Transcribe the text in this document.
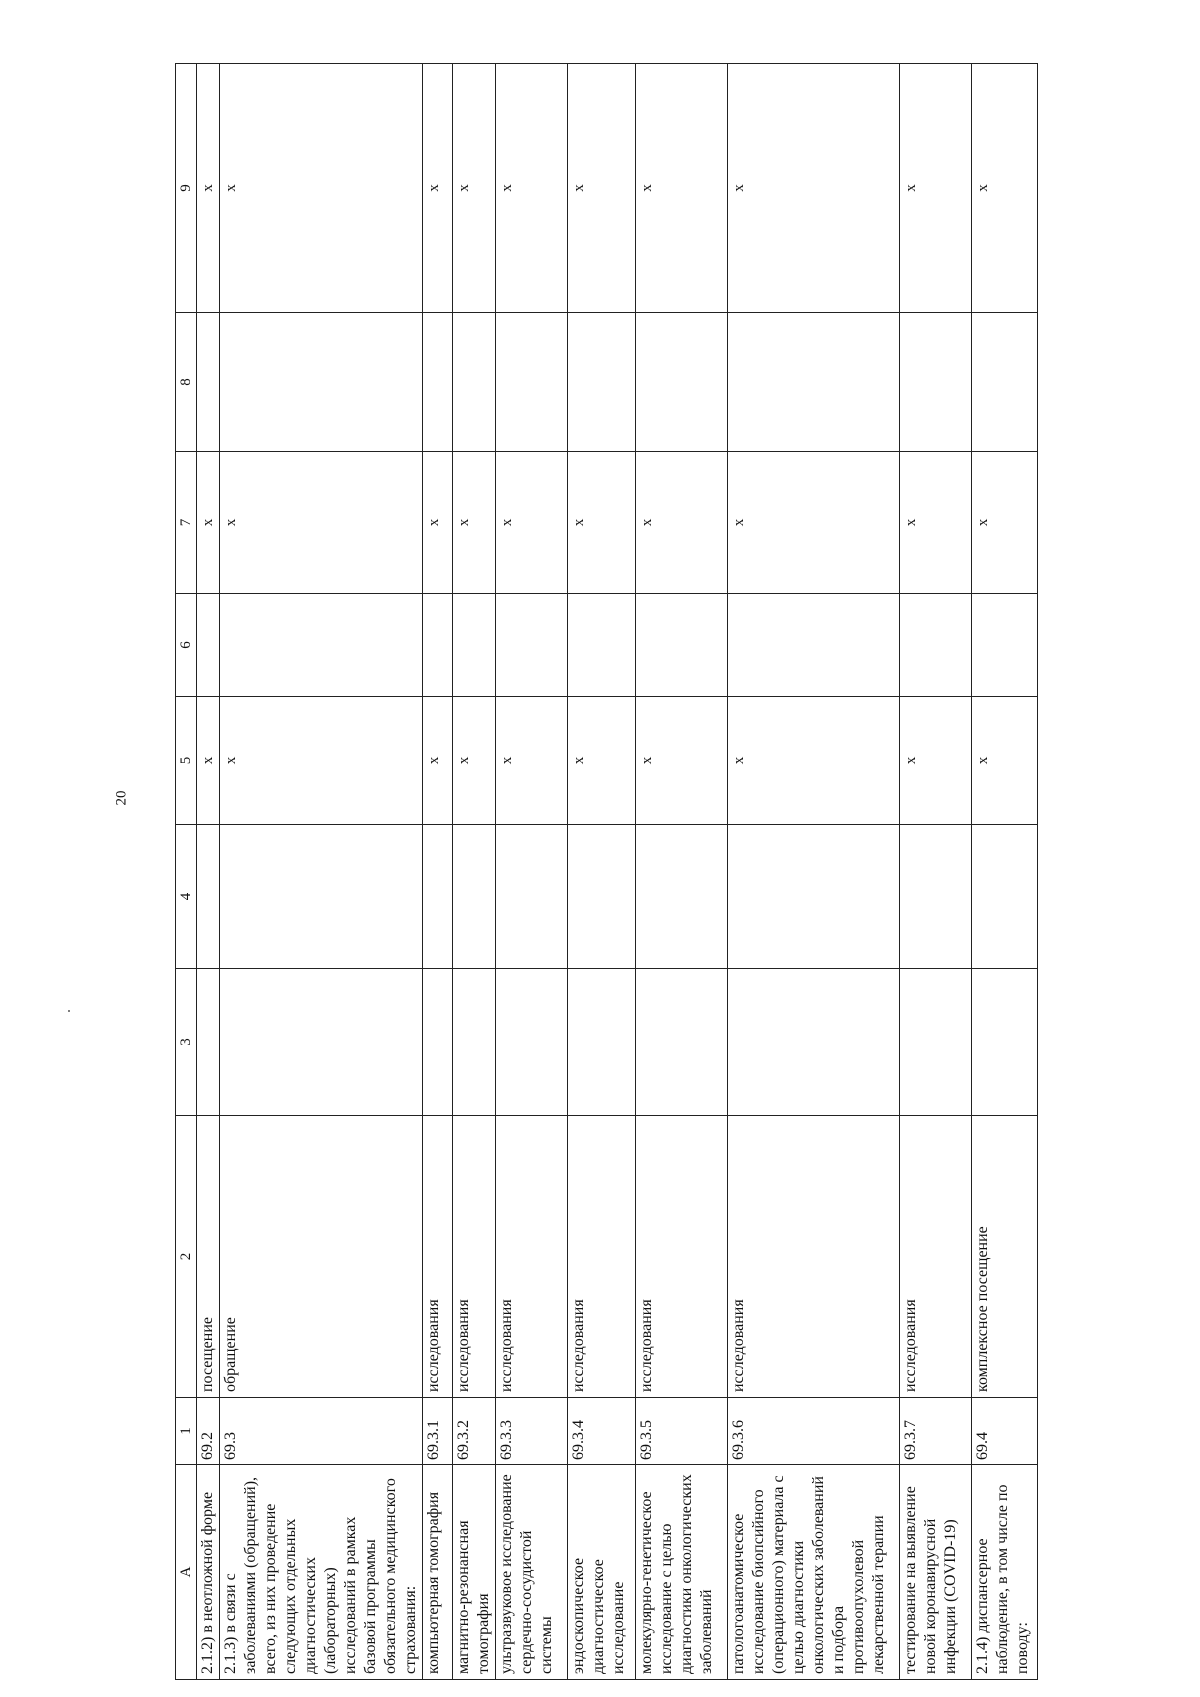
20
А	1	2	3	4	5	6	7	8	9
2.1.2) в неотложной форме	69.2	посещение			х		х		х
2.1.3) в связи с заболеваниями (обращений), всего, из них проведение следующих отдельных диагностических (лабораторных) исследований в рамках базовой программы обязательного медицинского страхования:	69.3	обращение			х		х		х
компьютерная томография	69.3.1	исследования			х		х		х
магнитно-резонансная томография	69.3.2	исследования			х		х		х
ультразвуковое исследование сердечно-сосудистой системы	69.3.3	исследования			х		х		х
эндоскопическое диагностическое исследование	69.3.4	исследования			х		х		х
молекулярно-генетическое исследование с целью диагностики онкологических заболеваний	69.3.5	исследования			х		х		х
патологоанатомическое исследование биопсийного (операционного) материала с целью диагностики онкологических заболеваний и подбора противоопухолевой лекарственной терапии	69.3.6	исследования			х		х		х
тестирование на выявление новой коронавирусной инфекции (COVID-19)	69.3.7	исследования			х		х		х
2.1.4) диспансерное наблюдение, в том числе по поводу:	69.4	комплексное посещение			х		х		х
